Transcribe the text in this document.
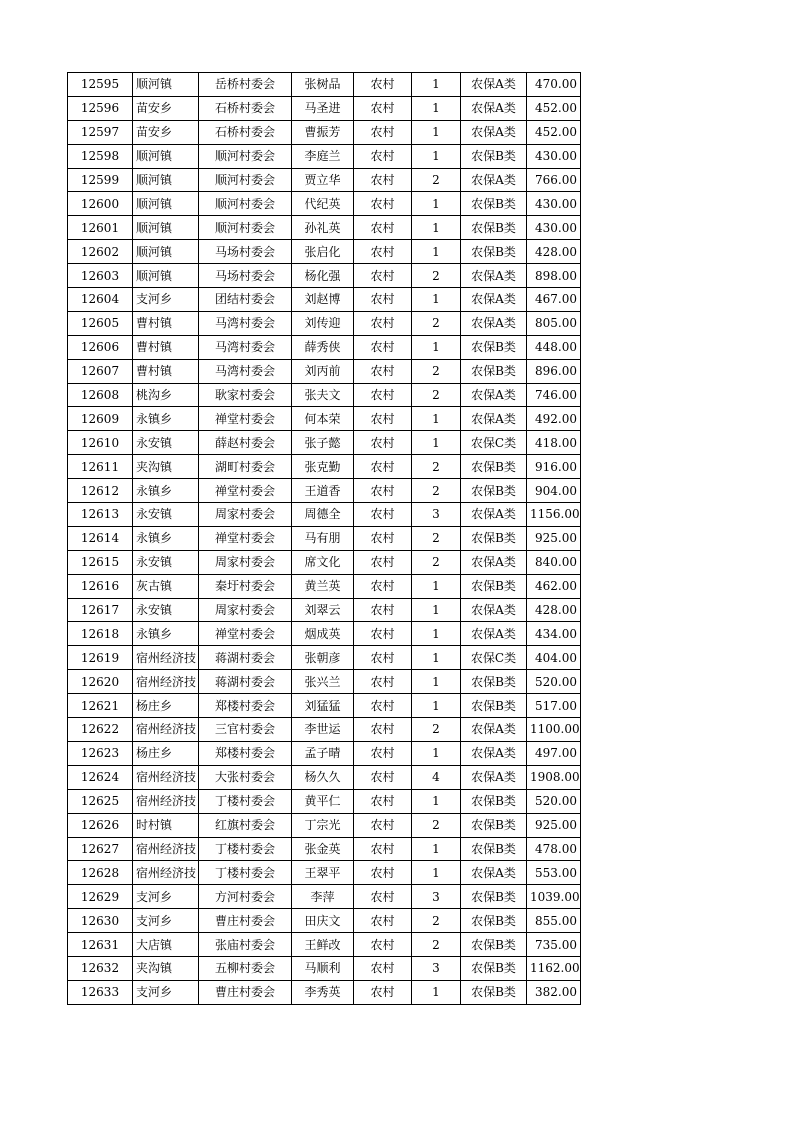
12595	顺河镇	岳桥村委会	张树品	农村	1	农保A类	470.00
12596	苗安乡	石桥村委会	马圣进	农村	1	农保A类	452.00
12597	苗安乡	石桥村委会	曹振芳	农村	1	农保A类	452.00
12598	顺河镇	顺河村委会	李庭兰	农村	1	农保B类	430.00
12599	顺河镇	顺河村委会	贾立华	农村	2	农保A类	766.00
12600	顺河镇	顺河村委会	代纪英	农村	1	农保B类	430.00
12601	顺河镇	顺河村委会	孙礼英	农村	1	农保B类	430.00
12602	顺河镇	马场村委会	张启化	农村	1	农保B类	428.00
12603	顺河镇	马场村委会	杨化强	农村	2	农保A类	898.00
12604	支河乡	团结村委会	刘赵博	农村	1	农保A类	467.00
12605	曹村镇	马湾村委会	刘传迎	农村	2	农保A类	805.00
12606	曹村镇	马湾村委会	薛秀侠	农村	1	农保B类	448.00
12607	曹村镇	马湾村委会	刘丙前	农村	2	农保B类	896.00
12608	桃沟乡	耿家村委会	张夫文	农村	2	农保A类	746.00
12609	永镇乡	禅堂村委会	何本荣	农村	1	农保A类	492.00
12610	永安镇	薛赵村委会	张子懿	农村	1	农保C类	418.00
12611	夹沟镇	湖町村委会	张克勤	农村	2	农保B类	916.00
12612	永镇乡	禅堂村委会	王道香	农村	2	农保B类	904.00
12613	永安镇	周家村委会	周德全	农村	3	农保A类	1156.00
12614	永镇乡	禅堂村委会	马有朋	农村	2	农保B类	925.00
12615	永安镇	周家村委会	席文化	农村	2	农保A类	840.00
12616	灰古镇	秦圩村委会	黄兰英	农村	1	农保B类	462.00
12617	永安镇	周家村委会	刘翠云	农村	1	农保A类	428.00
12618	永镇乡	禅堂村委会	烟成英	农村	1	农保A类	434.00
12619	宿州经济技	蒋湖村委会	张朝彦	农村	1	农保C类	404.00
12620	宿州经济技	蒋湖村委会	张兴兰	农村	1	农保B类	520.00
12621	杨庄乡	郑楼村委会	刘猛猛	农村	1	农保B类	517.00
12622	宿州经济技	三官村委会	李世运	农村	2	农保A类	1100.00
12623	杨庄乡	郑楼村委会	孟子晴	农村	1	农保A类	497.00
12624	宿州经济技	大张村委会	杨久久	农村	4	农保A类	1908.00
12625	宿州经济技	丁楼村委会	黄平仁	农村	1	农保B类	520.00
12626	时村镇	红旗村委会	丁宗光	农村	2	农保B类	925.00
12627	宿州经济技	丁楼村委会	张金英	农村	1	农保B类	478.00
12628	宿州经济技	丁楼村委会	王翠平	农村	1	农保A类	553.00
12629	支河乡	方河村委会	李萍	农村	3	农保B类	1039.00
12630	支河乡	曹庄村委会	田庆文	农村	2	农保B类	855.00
12631	大店镇	张庙村委会	王鲜改	农村	2	农保B类	735.00
12632	夹沟镇	五柳村委会	马顺利	农村	3	农保B类	1162.00
12633	支河乡	曹庄村委会	李秀英	农村	1	农保B类	382.00
